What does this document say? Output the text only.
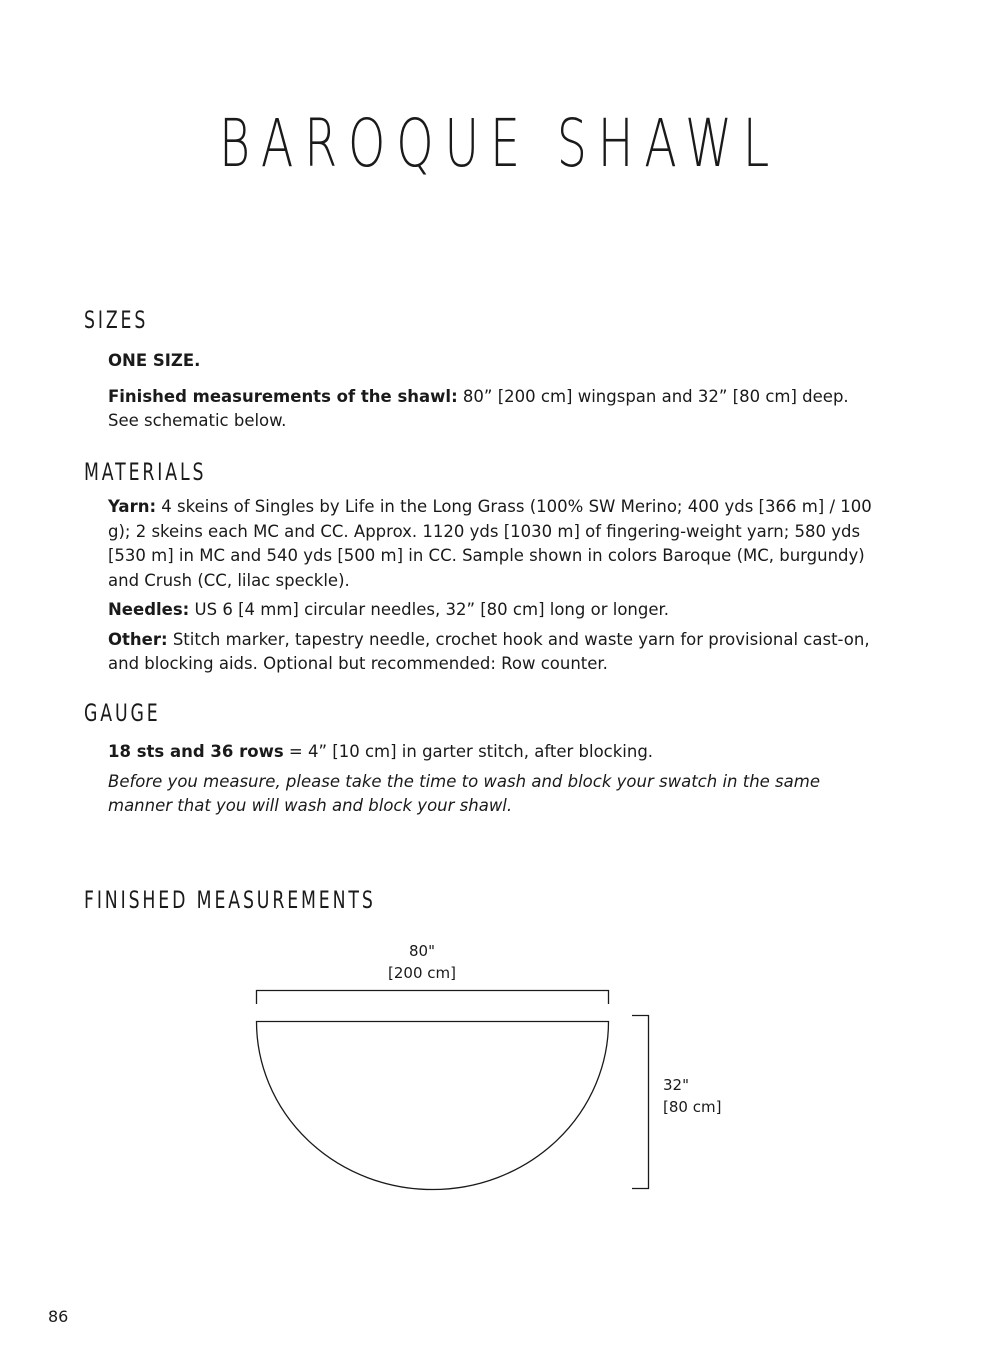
BAROQUE SHAWL
SIZES

ONE SIZE.

Finished measurements of the shawl: 80” [200 cm] wingspan and 32” [80 cm] deep. See schematic below.

MATERIALS

Yarn: 4 skeins of Singles by Life in the Long Grass (100% SW Merino; 400 yds [366 m] / 100 g); 2 skeins each MC and CC. Approx. 1120 yds [1030 m] of fingering-weight yarn; 580 yds [530 m] in MC and 540 yds [500 m] in CC. Sample shown in colors Baroque (MC, burgundy) and Crush (CC, lilac speckle).

Needles: US 6 [4 mm] circular needles, 32” [80 cm] long or longer.

Other: Stitch marker, tapestry needle, crochet hook and waste yarn for provisional cast-on, and blocking aids. Optional but recommended: Row counter.

GAUGE

18 sts and 36 rows = 4” [10 cm] in garter stitch, after blocking.

Before you measure, please take the time to wash and block your swatch in the same manner that you will wash and block your shawl.

FINISHED MEASUREMENTS
80"
[200 cm]
32"
[80 cm]
86
